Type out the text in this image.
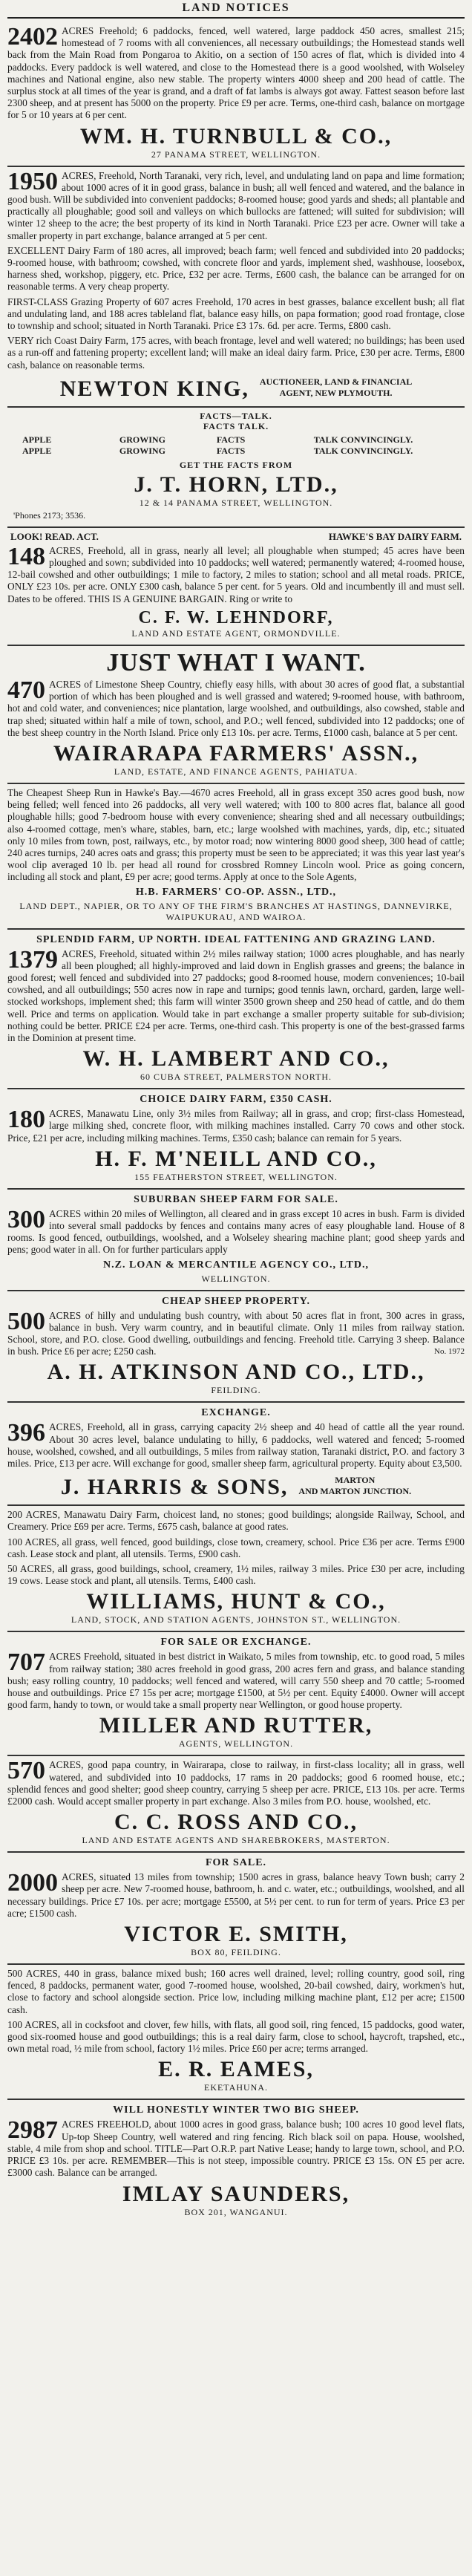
LAND NOTICES

2402 ACRES Freehold; 6 paddocks, fenced, well watered, large paddock 450 acres, smallest 215; homestead of 7 rooms with all conveniences, all necessary outbuildings; the Homestead stands well back from the Main Road from Pongaroa to Akitio, on a section of 150 acres of flat, which is divided into 4 paddocks. Every paddock is well watered, and close to the Homestead there is a good woolshed, with Wolseley machines and National engine, also new stable. The property winters 4000 sheep and 200 head of cattle. The surplus stock at all times of the year is grand, and a draft of fat lambs is always got away. Fattest season before last 2300 sheep, and at present has 5000 on the property. Price £9 per acre. Terms, one-third cash, balance on mortgage for 5 or 10 years at 6 per cent.

WM. H. TURNBULL & CO.,
27 PANAMA STREET, WELLINGTON.

1950 ACRES, Freehold, North Taranaki, very rich, level, and undulating land on papa and lime formation; about 1000 acres of it in good grass, balance in bush; all well fenced and watered, and the balance in good bush. Will be subdivided into convenient paddocks; 8-roomed house; good yards and sheds; all plantable and practically all ploughable; good soil and valleys on which bullocks are fattened; will suited for subdivision; will winter 12 sheep to the acre; the best property of its kind in North Taranaki. Price £23 per acre. Owner will take a smaller property in part exchange, balance arranged at 5 per cent.

EXCELLENT Dairy Farm of 180 acres, all improved; beach farm; well fenced and subdivided into 20 paddocks; 9-roomed house, with bathroom; cowshed, with concrete floor and yards, implement shed, washhouse, loosebox, harness shed, workshop, piggery, etc. Price, £32 per acre. Terms, £600 cash, the balance can be arranged for on reasonable terms. A very cheap property.

FIRST-CLASS Grazing Property of 607 acres Freehold, 170 acres in best grasses, balance excellent bush; all flat and undulating land, and 188 acres tableland flat, balance easy hills, on papa formation; good road frontage, close to township and school; situated in North Taranaki. Price £3 17s. 6d. per acre. Terms, £800 cash.

VERY rich Coast Dairy Farm, 175 acres, with beach frontage, level and well watered; no buildings; has been used as a run-off and fattening property; excellent land; will make an ideal dairy farm. Price, £30 per acre. Terms, £800 cash, balance on reasonable terms.

NEWTON KING, AUCTIONEER, LAND & FINANCIAL
AGENT, NEW PLYMOUTH.
FACTS—TALK.
FACTS TALK.
APPLE	GROWING	FACTS	TALK CONVINCINGLY.
APPLE	GROWING	FACTS	TALK CONVINCINGLY.
GET THE FACTS FROM
J. T. HORN, LTD.,
12 & 14 PANAMA STREET, WELLINGTON.
'Phones 2173; 3536.
LOOK! READ. ACT.	HAWKE'S BAY DAIRY FARM.

148 ACRES, Freehold, all in grass, nearly all level; all ploughable when stumped; 45 acres have been ploughed and sown; subdivided into 10 paddocks; well watered; permanently watered; 4-roomed house, 12-bail cowshed and other outbuildings; 1 mile to factory, 2 miles to station; school and all metal roads. PRICE, ONLY £23 10s. per acre. ONLY £300 cash, balance 5 per cent. for 5 years. Old and incumbently ill and must sell. Dates to be offered. THIS IS A GENUINE BARGAIN. Ring or write to

C. F. W. LEHNDORF,
LAND AND ESTATE AGENT, ORMONDVILLE.
JUST WHAT I WANT.

470 ACRES of Limestone Sheep Country, chiefly easy hills, with about 30 acres of good flat, a substantial portion of which has been ploughed and is well grassed and watered; 9-roomed house, with bathroom, hot and cold water, and conveniences; nice plantation, large woolshed, and outbuildings, also cowshed, stable and trap shed; situated within half a mile of town, school, and P.O.; well fenced, subdivided into 12 paddocks; one of the best sheep country in the North Island. Price only £13 10s. per acre. Terms, £1000 cash, balance at 5 per cent.

WAIRARAPA FARMERS' ASSN.,
LAND, ESTATE, AND FINANCE AGENTS, PAHIATUA.

The Cheapest Sheep Run in Hawke's Bay.—4670 acres Freehold, all in grass except 350 acres good bush, now being felled; well fenced into 26 paddocks, all very well watered; with 100 to 800 acres flat, balance all good ploughable hills; good 7-bedroom house with every convenience; shearing shed and all necessary outbuildings; also 4-roomed cottage, men's whare, stables, barn, etc.; large woolshed with machines, yards, dip, etc.; situated only 10 miles from town, post, railways, etc., by motor road; now wintering 8000 good sheep, 300 head of cattle; 240 acres turnips, 240 acres oats and grass; this property must be seen to be appreciated; it was this year last year's wool clip averaged 10 lb. per head all round for crossbred Romney Lincoln wool. Price as going concern, including all stock and plant, £9 per acre; good terms. Apply at once to the Sole Agents,

H.B. FARMERS' CO-OP. ASSN., LTD.,
LAND DEPT., NAPIER, OR TO ANY OF THE FIRM'S BRANCHES AT HASTINGS, DANNEVIRKE, WAIPUKURAU, AND WAIROA.
SPLENDID FARM, UP NORTH. IDEAL FATTENING AND GRAZING LAND.

1379 ACRES, Freehold, situated within 2½ miles railway station; 1000 acres ploughable, and has nearly all been ploughed; all highly-improved and laid down in English grasses and greens; the balance in good forest; well fenced and subdivided into 27 paddocks; good 8-roomed house, modern conveniences; 10-bail cowshed, and all outbuildings; 550 acres now in rape and turnips; good tennis lawn, orchard, garden, large well-stocked workshops, implement shed; this farm will winter 3500 grown sheep and 250 head of cattle, and do them well. Price and terms on application. Would take in part exchange a smaller property suitable for sub-division; nothing could be better. PRICE £24 per acre. Terms, one-third cash. This property is one of the best-grassed farms in the Dominion at present time.

W. H. LAMBERT AND CO.,
60 CUBA STREET, PALMERSTON NORTH.
CHOICE DAIRY FARM, £350 CASH.

180 ACRES, Manawatu Line, only 3½ miles from Railway; all in grass, and crop; first-class Homestead, large milking shed, concrete floor, with milking machines installed. Carry 70 cows and other stock. Price, £21 per acre, including milking machines. Terms, £350 cash; balance can remain for 5 years.

H. F. M'NEILL AND CO.,
155 FEATHERSTON STREET, WELLINGTON.
SUBURBAN SHEEP FARM FOR SALE.

300 ACRES within 20 miles of Wellington, all cleared and in grass except 10 acres in bush. Farm is divided into several small paddocks by fences and contains many acres of easy ploughable land. House of 8 rooms. Is good fenced, outbuildings, woolshed, and a Wolseley shearing machine plant; good sheep yards and pens; good water in all. On for further particulars apply

N.Z. LOAN & MERCANTILE AGENCY CO., LTD.,
WELLINGTON.
CHEAP SHEEP PROPERTY.

500 ACRES of hilly and undulating bush country, with about 50 acres flat in front, 300 acres in grass, balance in bush. Very warm country, and in beautiful climate. Only 11 miles from railway station. School, store, and P.O. close. Good dwelling, outbuildings and fencing. Freehold title. Carrying 3 sheep. Balance in bush. Price £6 per acre; £250 cash.	No. 1972

A. H. ATKINSON AND CO., LTD.,
FEILDING.
EXCHANGE.

396 ACRES, Freehold, all in grass, carrying capacity 2½ sheep and 40 head of cattle all the year round. About 30 acres level, balance undulating to hilly, 6 paddocks, well watered and fenced; 5-roomed house, woolshed, cowshed, and all outbuildings, 5 miles from railway station, Taranaki district, P.O. and factory 3 miles. Price, £13 per acre. Will exchange for good, smaller sheep farm, agricultural property. Equity about £3,500.

J. HARRIS & SONS,	MARTON
AND MARTON JUNCTION.

200 ACRES, Manawatu Dairy Farm, choicest land, no stones; good buildings; alongside Railway, School, and Creamery. Price £69 per acre. Terms, £675 cash, balance at good rates.

100 ACRES, all grass, well fenced, good buildings, close town, creamery, school. Price £36 per acre. Terms £900 cash. Lease stock and plant, all utensils. Terms, £900 cash.

50 ACRES, all grass, good buildings, school, creamery, 1½ miles, railway 3 miles. Price £30 per acre, including 19 cows. Lease stock and plant, all utensils. Terms, £400 cash.

WILLIAMS, HUNT & CO.,
LAND, STOCK, AND STATION AGENTS, JOHNSTON ST., WELLINGTON.
FOR SALE OR EXCHANGE.

707 ACRES Freehold, situated in best district in Waikato, 5 miles from township, etc. to good road, 5 miles from railway station; 380 acres freehold in good grass, 200 acres fern and grass, and balance standing bush; easy rolling country, 10 paddocks; well fenced and watered, will carry 550 sheep and 70 cattle; 5-roomed house and outbuildings. Price £7 15s per acre; mortgage £1500, at 5½ per cent. Equity £4000. Owner will accept good farm, handy to town, or would take a small property near Wellington, or good house property.

MILLER AND RUTTER,
AGENTS, WELLINGTON.

570 ACRES, good papa country, in Wairarapa, close to railway, in first-class locality; all in grass, well watered, and subdivided into 10 paddocks, 17 rams in 20 paddocks; good 6 roomed house, etc.; splendid fences and good shelter; good sheep country, carrying 5 sheep per acre. PRICE, £13 10s. per acre. Terms £2000 cash. Would accept smaller property in part exchange. Also 3 miles from P.O. house, woolshed, etc.

C. C. ROSS AND CO.,
LAND AND ESTATE AGENTS AND SHAREBROKERS, MASTERTON.
FOR SALE.

2000 ACRES, situated 13 miles from township; 1500 acres in grass, balance heavy Town bush; carry 2 sheep per acre. New 7-roomed house, bathroom, h. and c. water, etc.; outbuildings, woolshed, and all necessary buildings. Price £7 10s. per acre; mortgage £5500, at 5½ per cent. to run for term of years. Price £3 per acre; £1500 cash.

VICTOR E. SMITH,
BOX 80, FEILDING.

500 ACRES, 440 in grass, balance mixed bush; 160 acres well drained, level; rolling country, good soil, ring fenced, 8 paddocks, permanent water, good 7-roomed house, woolshed, 20-bail cowshed, dairy, workmen's hut, close to factory and school alongside section. Price low, including milking machine plant, £12 per acre; £1500 cash.

100 ACRES, all in cocksfoot and clover, few hills, with flats, all good soil, ring fenced, 15 paddocks, good water, good six-roomed house and good outbuildings; this is a real dairy farm, close to school, haycroft, trapshed, etc., own metal road, ½ mile from school, factory 1½ miles. Price £60 per acre; terms arranged.

E. R. EAMES,
EKETAHUNA.
WILL HONESTLY WINTER TWO BIG SHEEP.

2987 ACRES FREEHOLD, about 1000 acres in good grass, balance bush; 100 acres 10 good level flats, Up-top Sheep Country, well watered and ring fencing. Rich black soil on papa. House, woolshed, stable, 4 mile from shop and school. TITLE—Part O.R.P. part Native Lease; handy to large town, school, and P.O. PRICE £3 10s. per acre. REMEMBER—This is not steep, impossible country. PRICE £3 15s. ON £5 per acre. £3000 cash. Balance can be arranged.

IMLAY SAUNDERS,
BOX 201, WANGANUI.
